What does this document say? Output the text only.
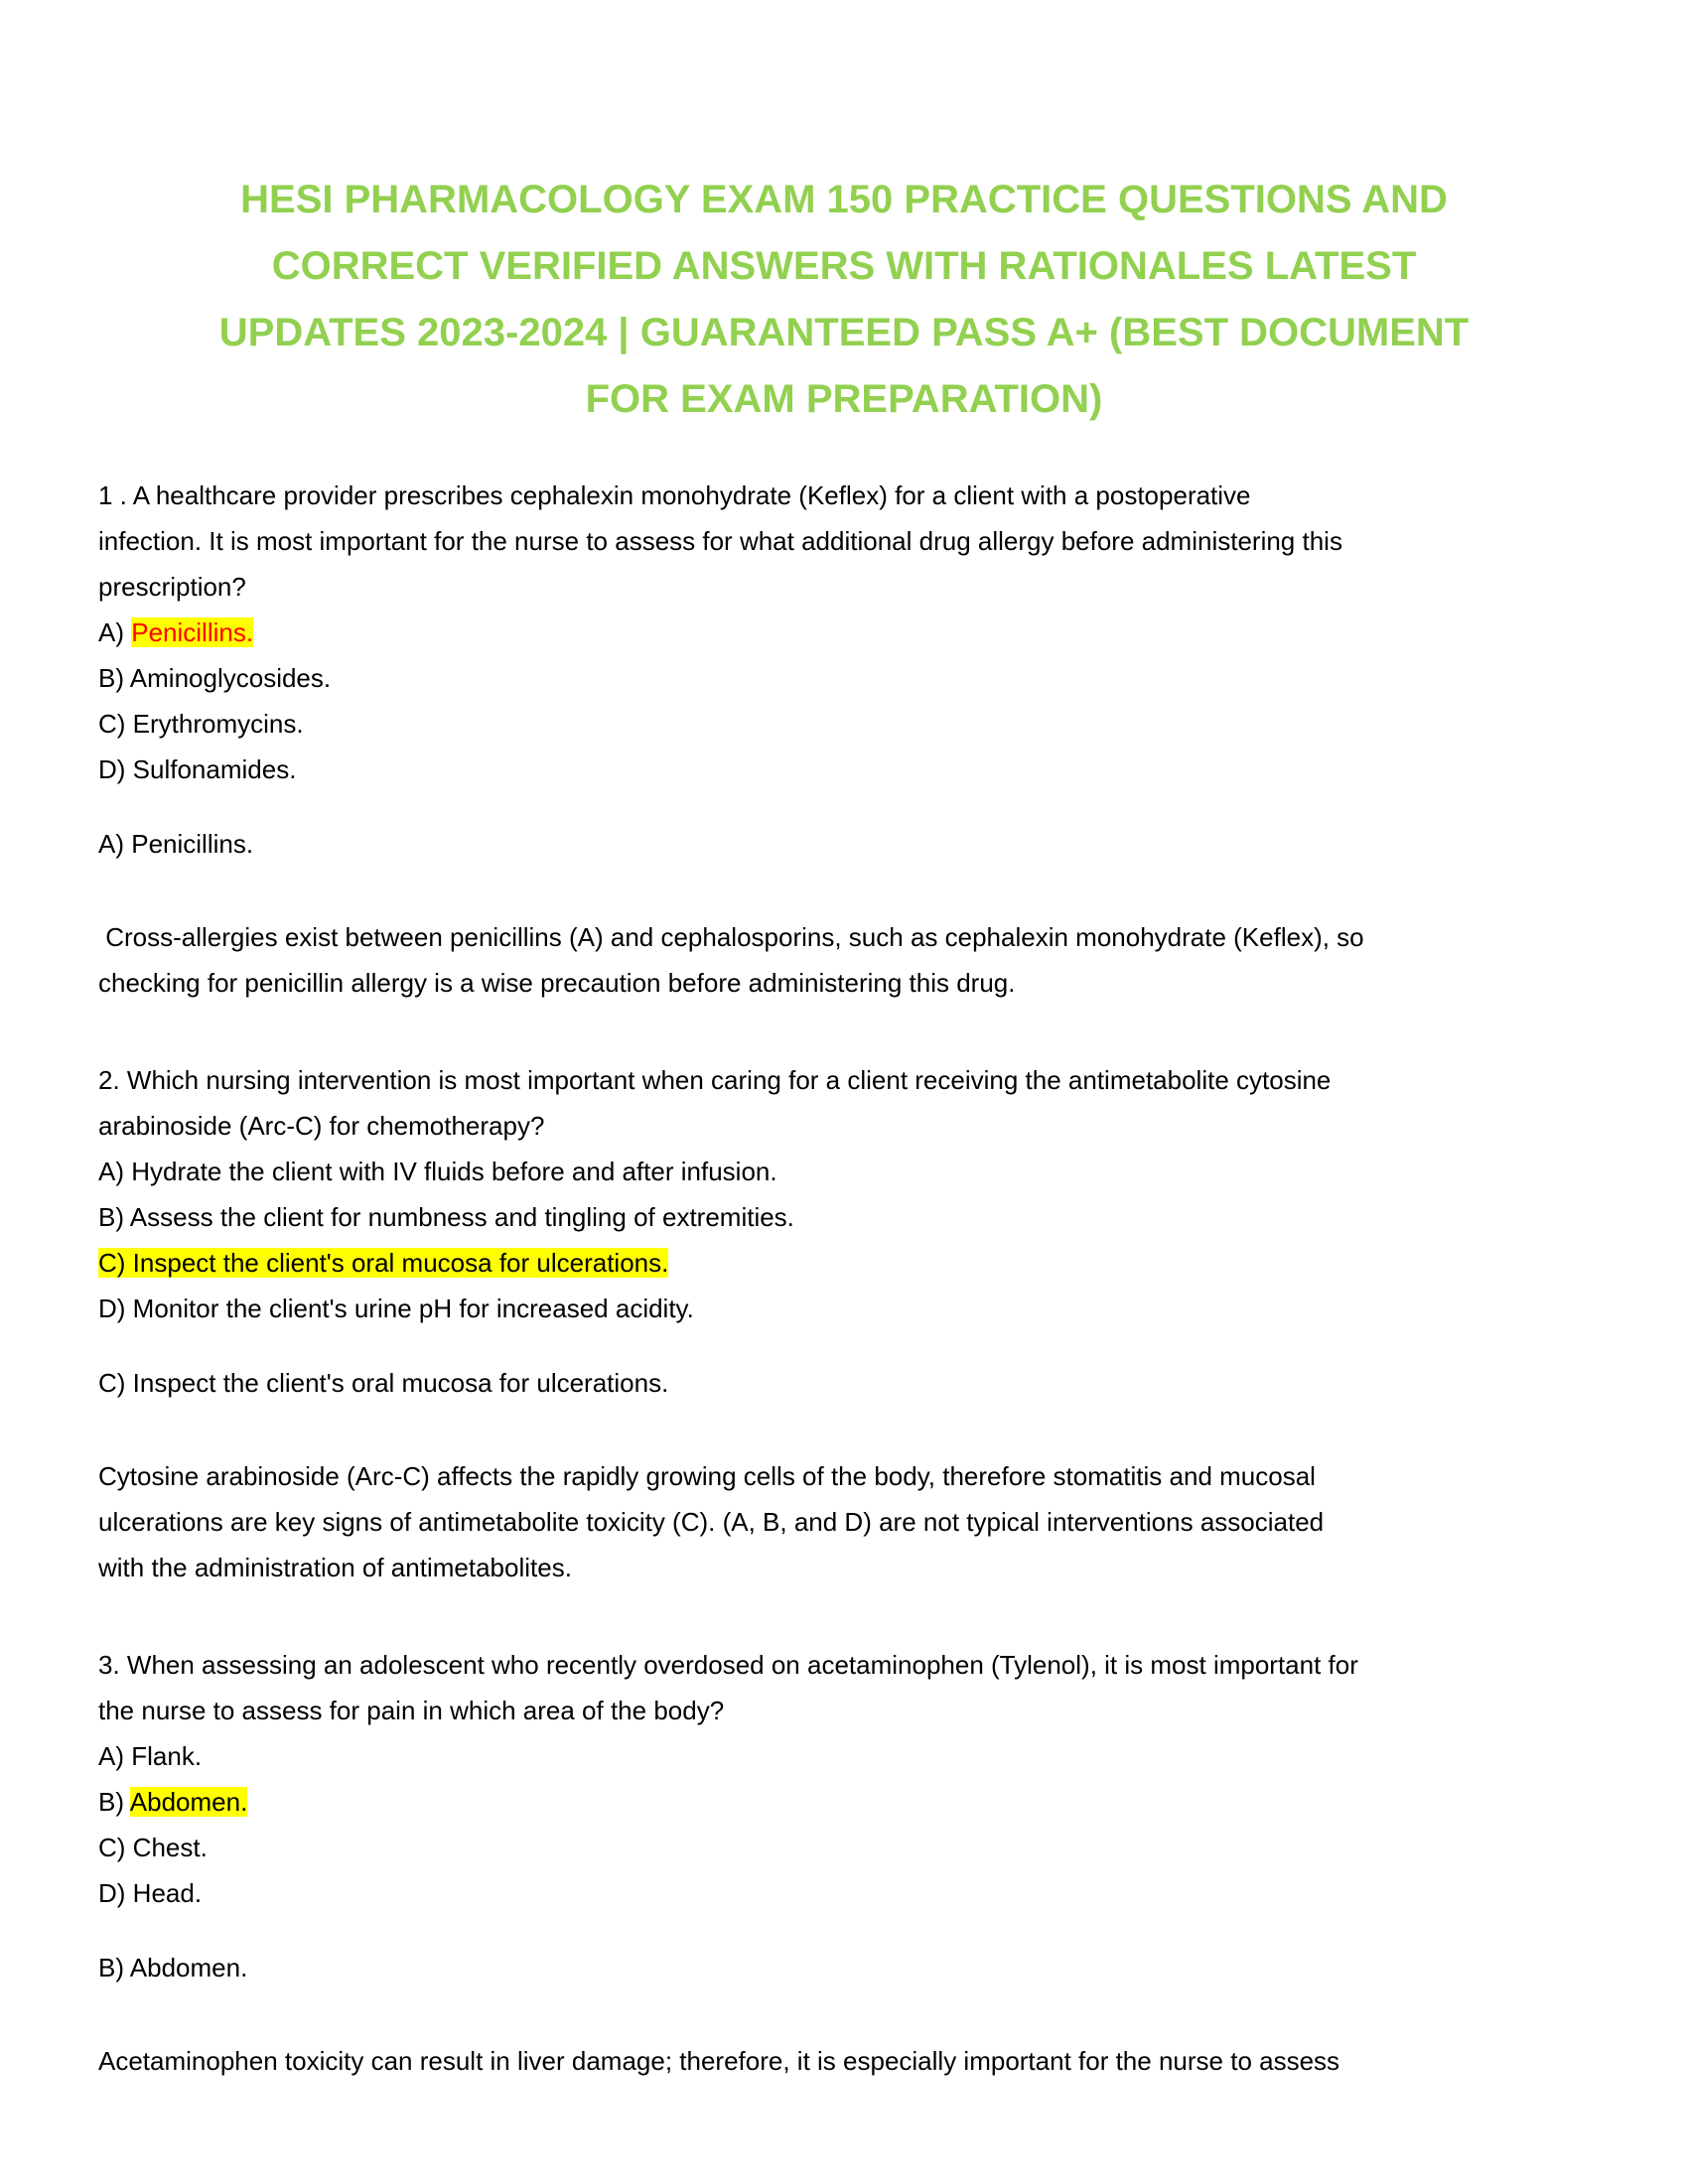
HESI PHARMACOLOGY EXAM 150 PRACTICE QUESTIONS AND
CORRECT VERIFIED ANSWERS WITH RATIONALES LATEST
UPDATES 2023-2024 | GUARANTEED PASS A+ (BEST DOCUMENT
FOR EXAM PREPARATION)
1 . A healthcare provider prescribes cephalexin monohydrate (Keflex) for a client with a postoperative
infection. It is most important for the nurse to assess for what additional drug allergy before administering this
prescription?
A) Penicillins.
B) Aminoglycosides.
C) Erythromycins.
D) Sulfonamides.
A) Penicillins.
Cross-allergies exist between penicillins (A) and cephalosporins, such as cephalexin monohydrate (Keflex), so
checking for penicillin allergy is a wise precaution before administering this drug.
2. Which nursing intervention is most important when caring for a client receiving the antimetabolite cytosine
arabinoside (Arc-C) for chemotherapy?
A) Hydrate the client with IV fluids before and after infusion.
B) Assess the client for numbness and tingling of extremities.
C) Inspect the client's oral mucosa for ulcerations.
D) Monitor the client's urine pH for increased acidity.
C) Inspect the client's oral mucosa for ulcerations.
Cytosine arabinoside (Arc-C) affects the rapidly growing cells of the body, therefore stomatitis and mucosal
ulcerations are key signs of antimetabolite toxicity (C). (A, B, and D) are not typical interventions associated
with the administration of antimetabolites.
3. When assessing an adolescent who recently overdosed on acetaminophen (Tylenol), it is most important for
the nurse to assess for pain in which area of the body?
A) Flank.
B) Abdomen.
C) Chest.
D) Head.
B) Abdomen.
Acetaminophen toxicity can result in liver damage; therefore, it is especially important for the nurse to assess
